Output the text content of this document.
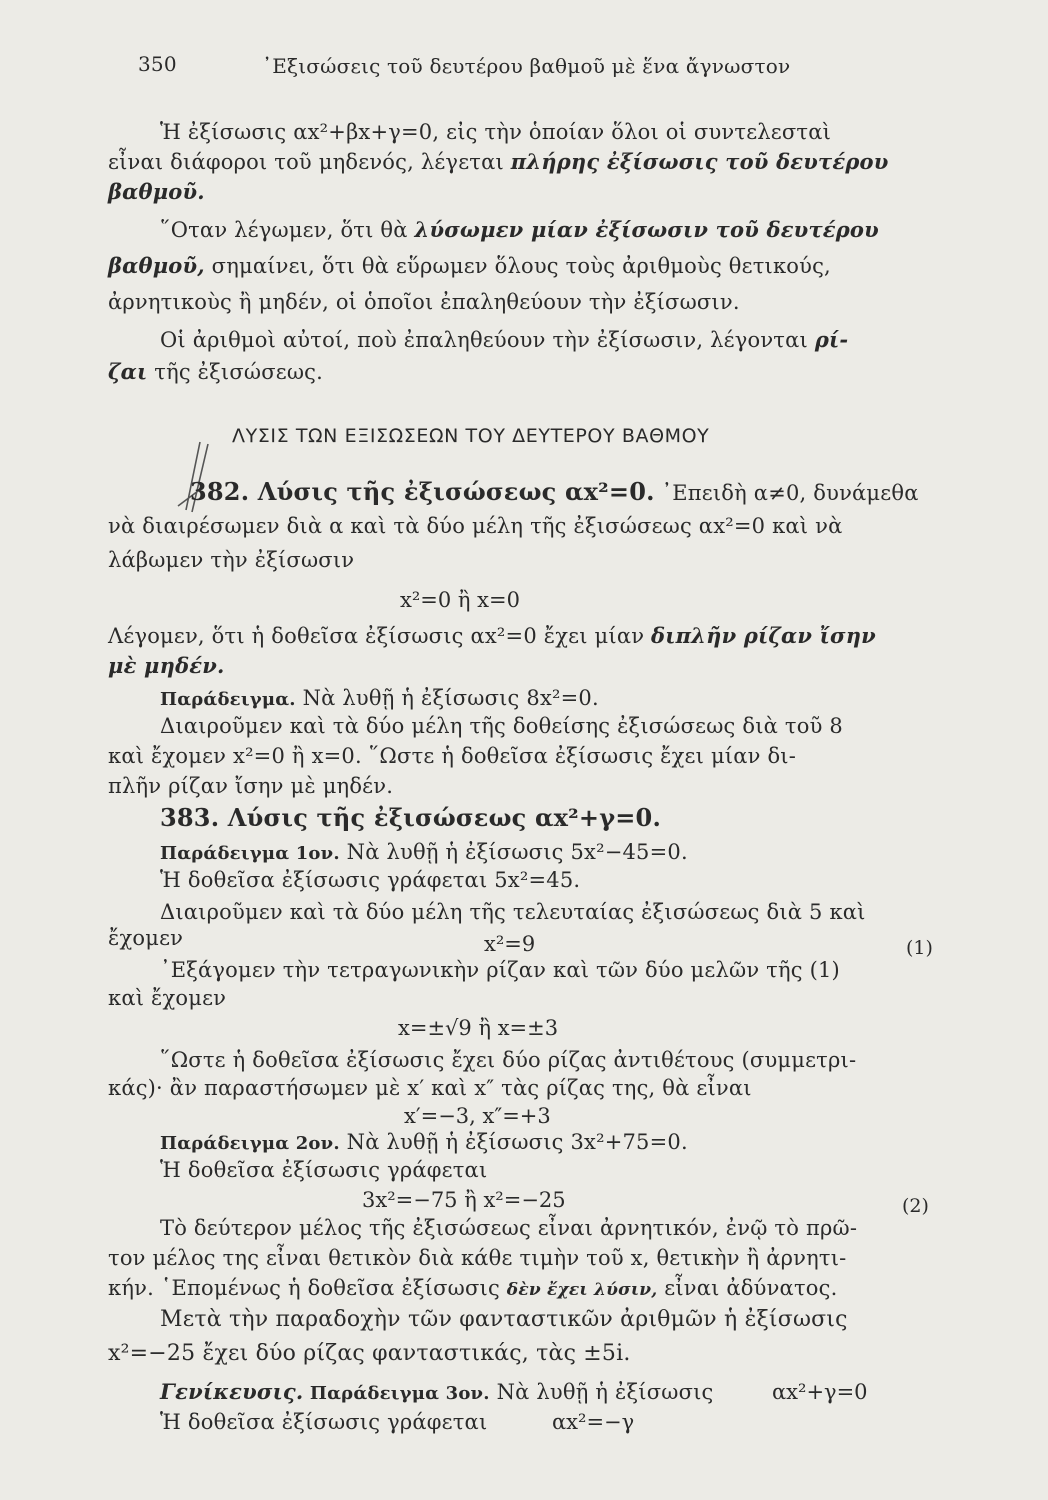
350	᾿Εξισώσεις τοῦ δευτέρου βαθμοῦ μὲ ἕνα ἄγνωστον
Ἡ ἐξίσωσις αx²+βx+γ=0, εἰς τὴν ὁποίαν ὅλοι οἱ συντελεσταὶ
εἶναι διάφοροι τοῦ μηδενός, λέγεται πλήρης ἐξίσωσις τοῦ δευτέρου
βαθμοῦ.
῞Οταν λέγωμεν, ὅτι θὰ λύσωμεν μίαν ἐξίσωσιν τοῦ δευτέρου
βαθμοῦ, σημαίνει, ὅτι θὰ εὕρωμεν ὅλους τοὺς ἀριθμοὺς θετικούς,
ἀρνητικοὺς ἢ μηδέν, οἱ ὁποῖοι ἐπαληθεύουν τὴν ἐξίσωσιν.
Οἱ ἀριθμοὶ αὐτοί, ποὺ ἐπαληθεύουν τὴν ἐξίσωσιν, λέγονται ρί-
ζαι τῆς ἐξισώσεως.
ΛΥΣΙΣ ΤΩΝ ΕΞΙΣΩΣΕΩΝ ΤΟΥ ΔΕΥΤΕΡΟΥ ΒΑΘΜΟΥ
382. Λύσις τῆς ἐξισώσεως αx²=0. ᾿Επειδὴ α≠0, δυνάμεθα
νὰ διαιρέσωμεν διὰ α καὶ τὰ δύο μέλη τῆς ἐξισώσεως αx²=0 καὶ νὰ
λάβωμεν τὴν ἐξίσωσιν
x²=0 ἢ x=0
Λέγομεν, ὅτι ἡ δοθεῖσα ἐξίσωσις αx²=0 ἔχει μίαν διπλῆν ρίζαν ἴσην
μὲ μηδέν.
Παράδειγμα. Νὰ λυθῇ ἡ ἐξίσωσις 8x²=0.
Διαιροῦμεν καὶ τὰ δύο μέλη τῆς δοθείσης ἐξισώσεως διὰ τοῦ 8
καὶ ἔχομεν x²=0 ἢ x=0. ῞Ωστε ἡ δοθεῖσα ἐξίσωσις ἔχει μίαν δι-
πλῆν ρίζαν ἴσην μὲ μηδέν.
383. Λύσις τῆς ἐξισώσεως αx²+γ=0.
Παράδειγμα 1ον. Νὰ λυθῇ ἡ ἐξίσωσις 5x²−45=0.
Ἡ δοθεῖσα ἐξίσωσις γράφεται 5x²=45.
Διαιροῦμεν καὶ τὰ δύο μέλη τῆς τελευταίας ἐξισώσεως διὰ 5 καὶ
ἔχομεν	x²=9	(1)
᾿Εξάγομεν τὴν τετραγωνικὴν ρίζαν καὶ τῶν δύο μελῶν τῆς (1)
καὶ ἔχομεν
x=±√9 ἢ x=±3
῞Ωστε ἡ δοθεῖσα ἐξίσωσις ἔχει δύο ρίζας ἀντιθέτους (συμμετρι-
κάς)· ἂν παραστήσωμεν μὲ x′ καὶ x″ τὰς ρίζας της, θὰ εἶναι
x′=−3, x″=+3
Παράδειγμα 2ον. Νὰ λυθῇ ἡ ἐξίσωσις 3x²+75=0.
Ἡ δοθεῖσα ἐξίσωσις γράφεται
3x²=−75 ἢ x²=−25	(2)
Τὸ δεύτερον μέλος τῆς ἐξισώσεως εἶναι ἀρνητικόν, ἐνῷ τὸ πρῶ-
τον μέλος της εἶναι θετικὸν διὰ κάθε τιμὴν τοῦ x, θετικὴν ἢ ἀρνητι-
κήν. ῾Επομένως ἡ δοθεῖσα ἐξίσωσις δὲν ἔχει λύσιν, εἶναι ἀδύνατος.
Μετὰ τὴν παραδοχὴν τῶν φανταστικῶν ἀριθμῶν ἡ ἐξίσωσις
x²=−25 ἔχει δύο ρίζας φανταστικάς, τὰς ±5i.
Γενίκευσις. Παράδειγμα 3ον. Νὰ λυθῇ ἡ ἐξίσωσις	αx²+γ=0
Ἡ δοθεῖσα ἐξίσωσις γράφεται	αx²=−γ
